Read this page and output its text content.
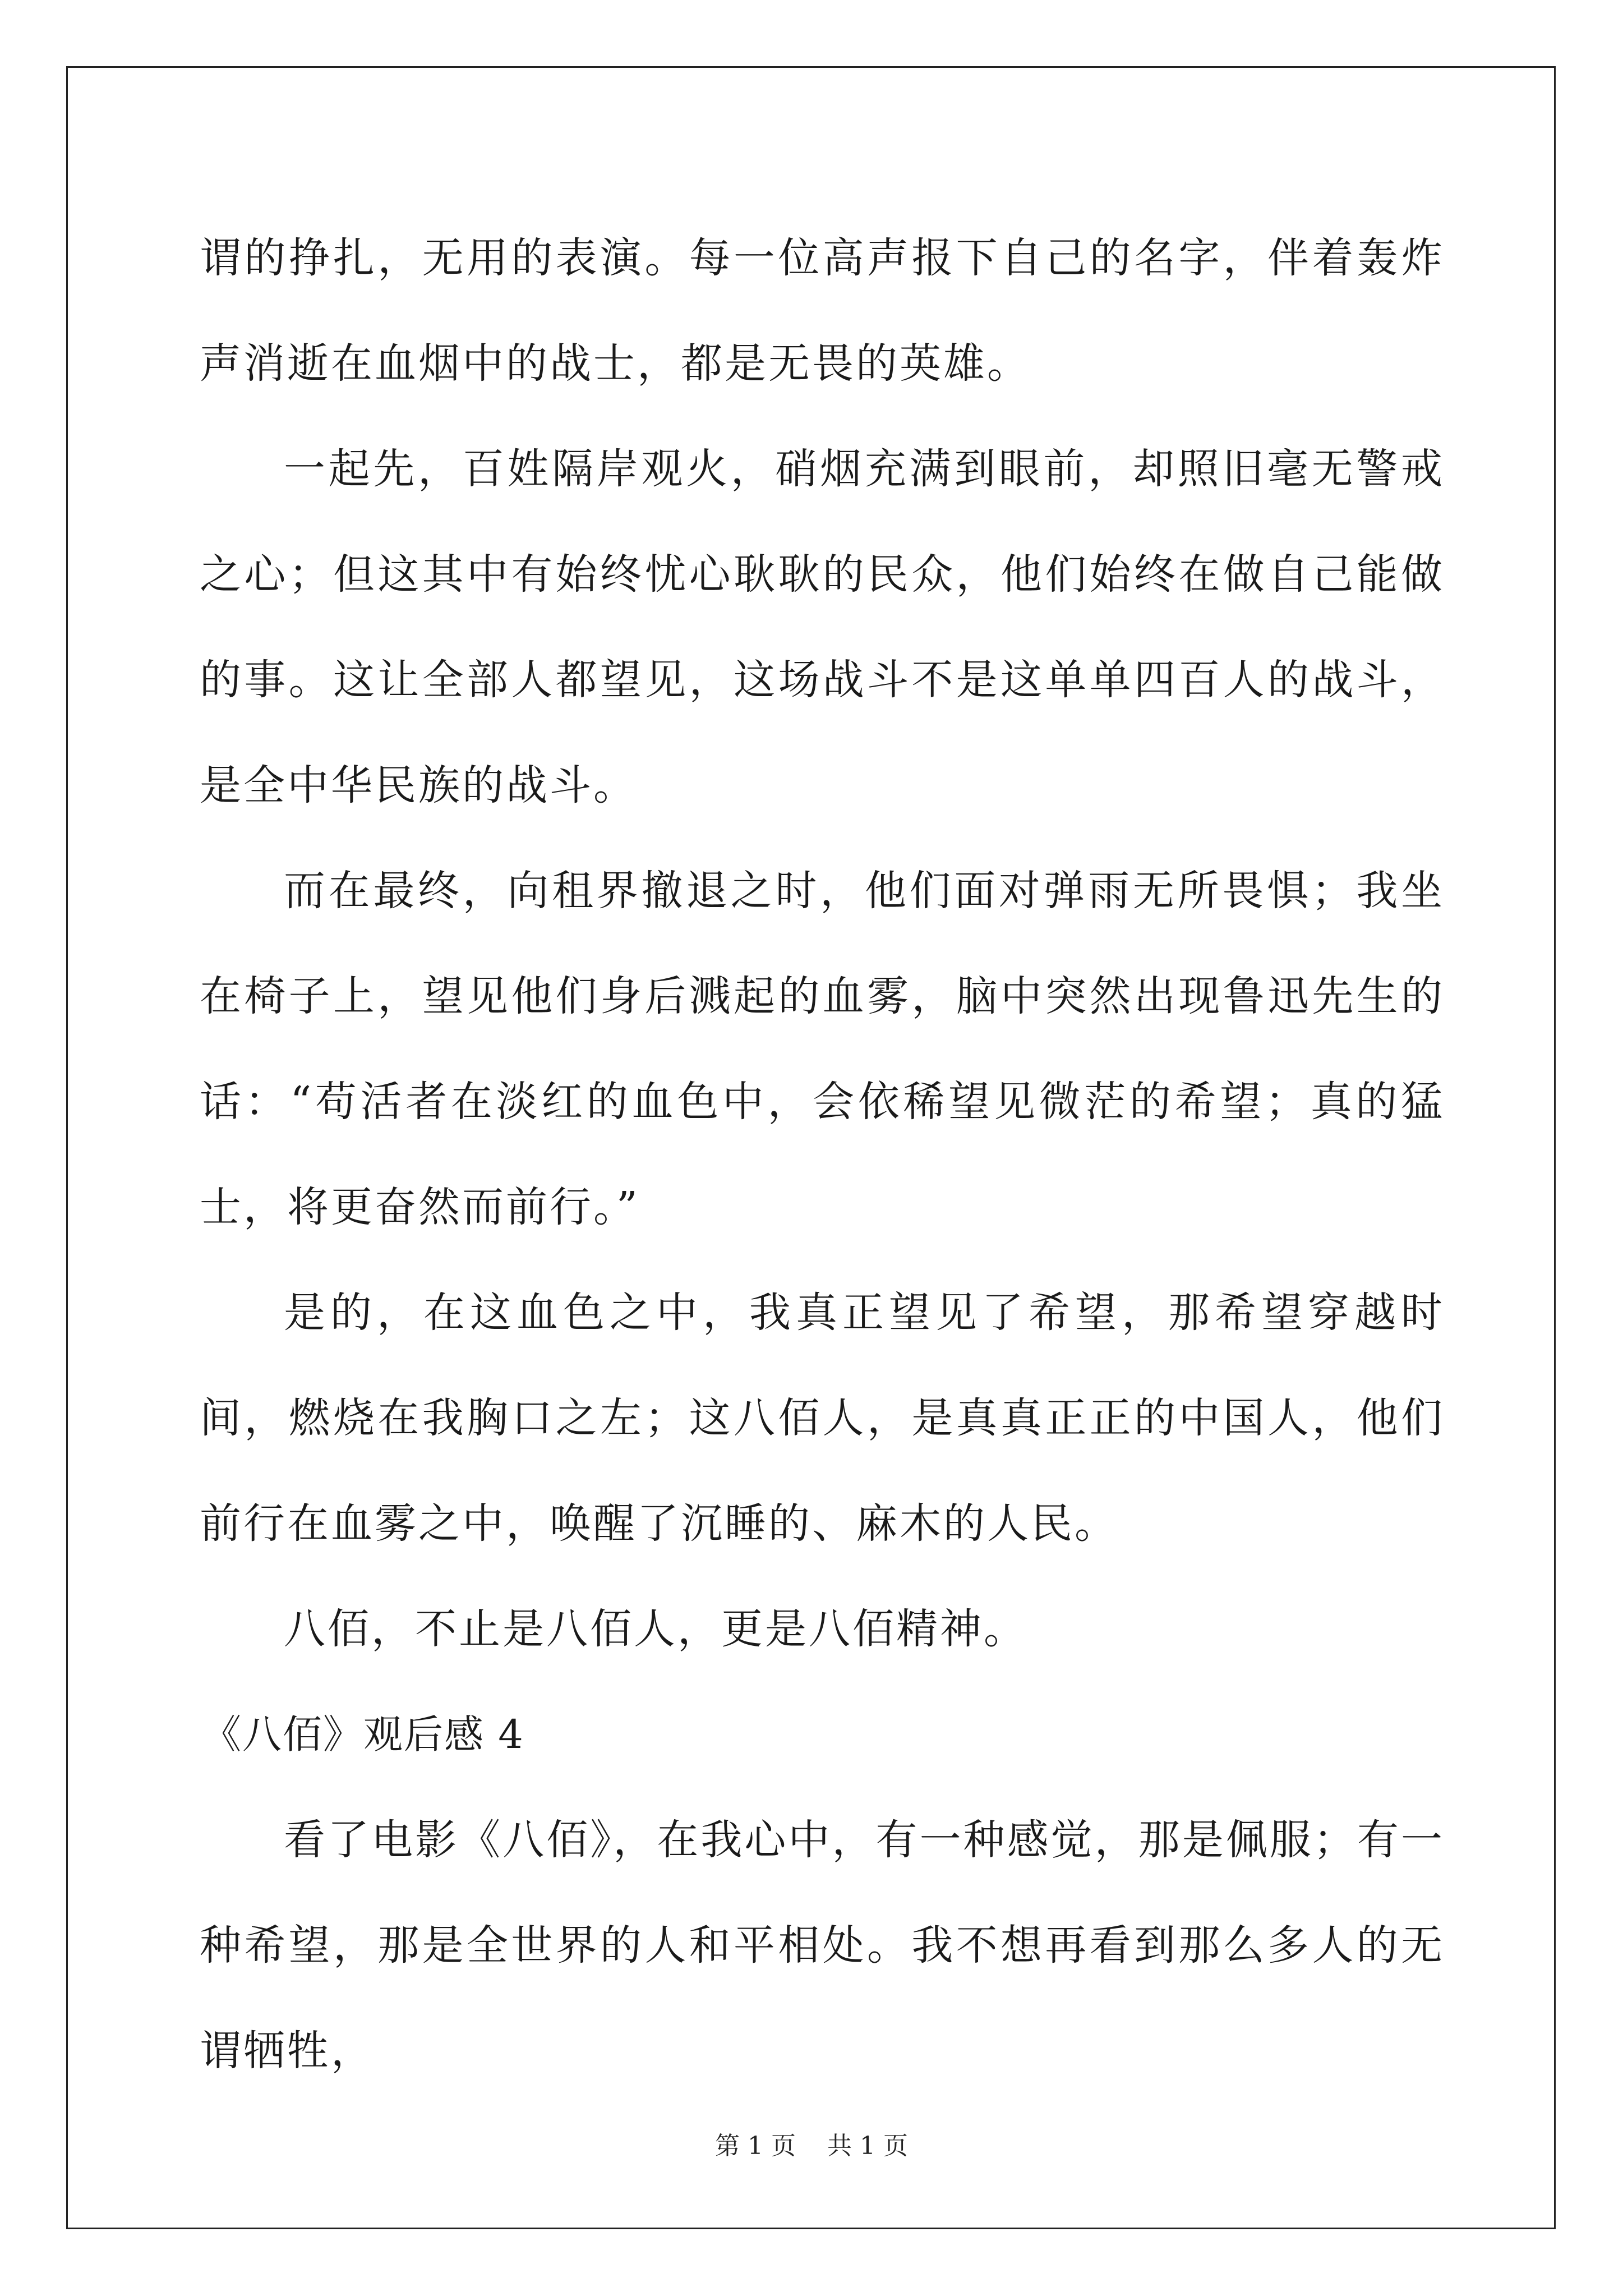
谓的挣扎，无用的表演。每一位高声报下自己的名字，伴着轰炸声消逝在血烟中的战士，都是无畏的英雄。

一起先，百姓隔岸观火，硝烟充满到眼前，却照旧毫无警戒之心；但这其中有始终忧心耿耿的民众，他们始终在做自己能做的事。这让全部人都望见，这场战斗不是这单单四百人的战斗，是全中华民族的战斗。

而在最终，向租界撤退之时，他们面对弹雨无所畏惧；我坐在椅子上，望见他们身后溅起的血雾，脑中突然出现鲁迅先生的话：“苟活者在淡红的血色中，会依稀望见微茫的希望；真的猛士，将更奋然而前行。”

是的，在这血色之中，我真正望见了希望，那希望穿越时间，燃烧在我胸口之左；这八佰人，是真真正正的中国人，他们前行在血雾之中，唤醒了沉睡的、麻木的人民。

八佰，不止是八佰人，更是八佰精神。

《八佰》观后感 4

看了电影《八佰》，在我心中，有一种感觉，那是佩服；有一种希望，那是全世界的人和平相处。我不想再看到那么多人的无谓牺牲，

第 1 页 共 1 页
